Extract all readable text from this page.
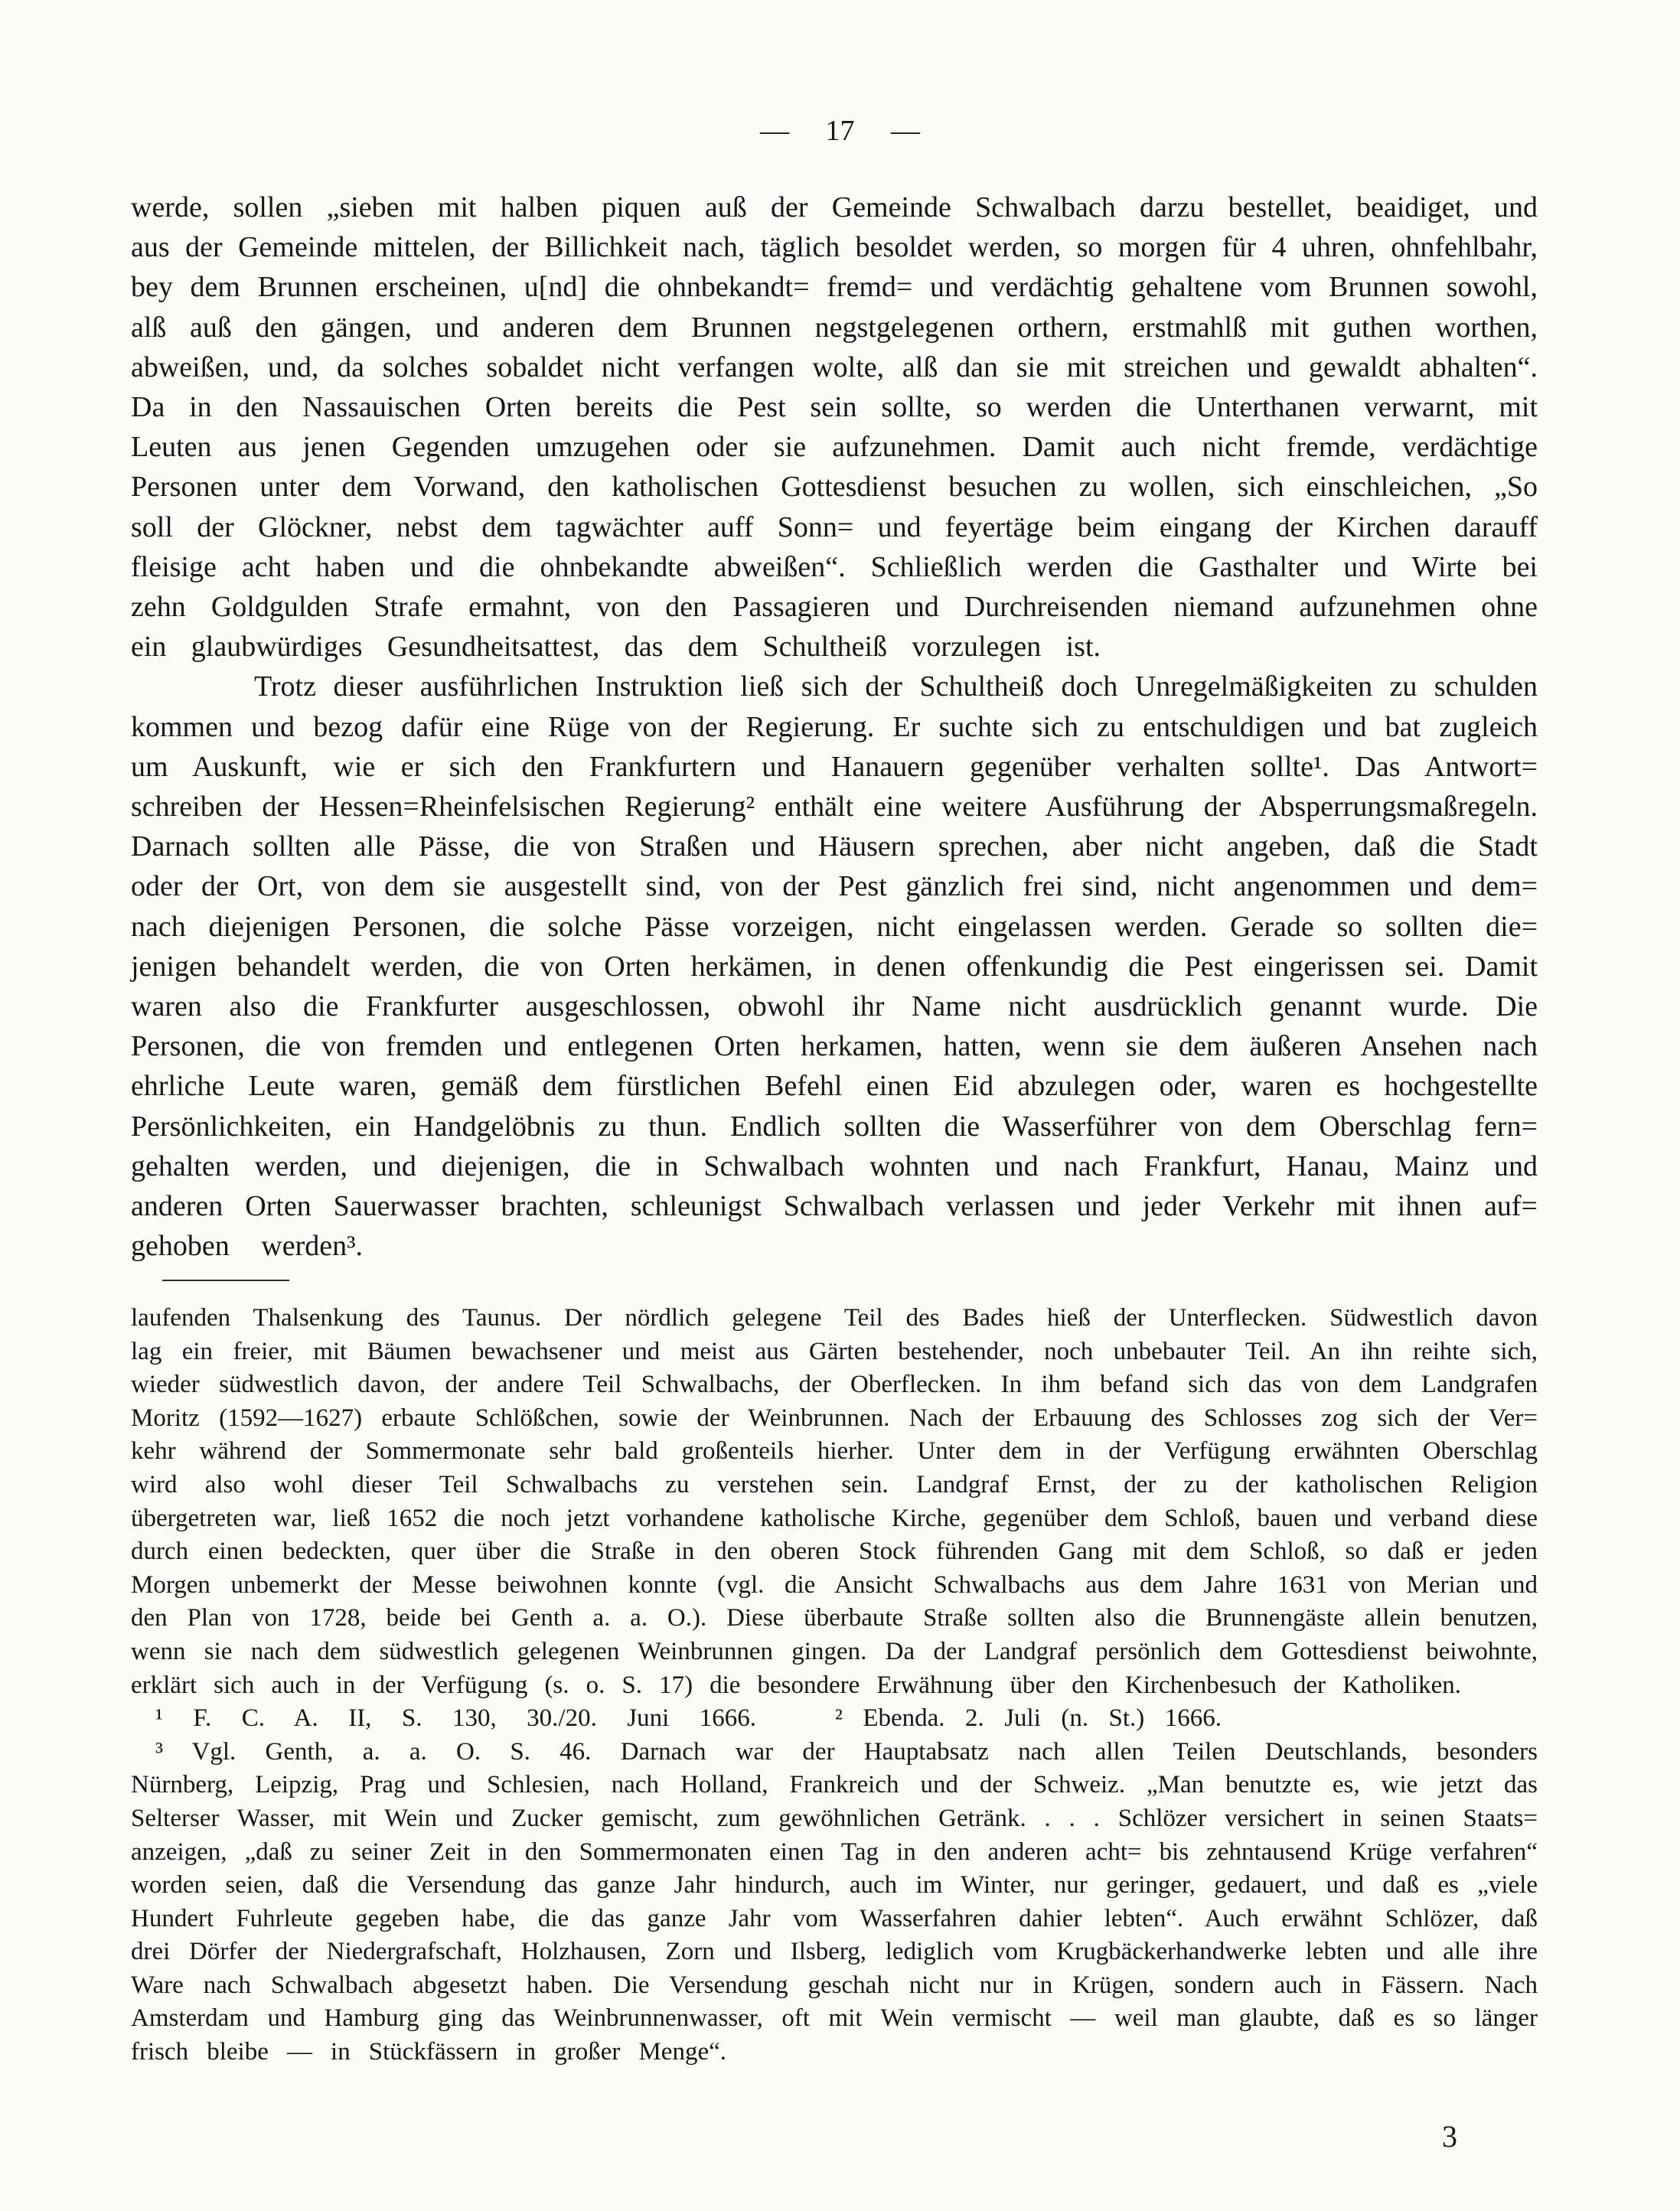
— 17 —
werde, sollen „sieben mit halben piquen auß der Gemeinde Schwalbach darzu bestellet, beaidiget, und
aus der Gemeinde mittelen, der Billichkeit nach, täglich besoldet werden, so morgen für 4 uhren, ohnfehlbahr,
bey dem Brunnen erscheinen, u[nd] die ohnbekandt= fremd= und verdächtig gehaltene vom Brunnen sowohl,
alß auß den gängen, und anderen dem Brunnen negstgelegenen orthern, erstmahlß mit guthen worthen,
abweißen, und, da solches sobaldet nicht verfangen wolte, alß dan sie mit streichen und gewaldt abhalten“.
Da in den Nassauischen Orten bereits die Pest sein sollte, so werden die Unterthanen verwarnt, mit
Leuten aus jenen Gegenden umzugehen oder sie aufzunehmen. Damit auch nicht fremde, verdächtige
Personen unter dem Vorwand, den katholischen Gottesdienst besuchen zu wollen, sich einschleichen, „So
soll der Glöckner, nebst dem tagwächter auff Sonn= und feyertäge beim eingang der Kirchen darauff
fleisige acht haben und die ohnbekandte abweißen“. Schließlich werden die Gasthalter und Wirte bei
zehn Goldgulden Strafe ermahnt, von den Passagieren und Durchreisenden niemand aufzunehmen ohne
ein glaubwürdiges Gesundheitsattest, das dem Schultheiß vorzulegen ist.
Trotz dieser ausführlichen Instruktion ließ sich der Schultheiß doch Unregelmäßigkeiten zu schulden
kommen und bezog dafür eine Rüge von der Regierung. Er suchte sich zu entschuldigen und bat zugleich
um Auskunft, wie er sich den Frankfurtern und Hanauern gegenüber verhalten sollte¹. Das Antwort=
schreiben der Hessen=Rheinfelsischen Regierung² enthält eine weitere Ausführung der Absperrungsmaßregeln.
Darnach sollten alle Pässe, die von Straßen und Häusern sprechen, aber nicht angeben, daß die Stadt
oder der Ort, von dem sie ausgestellt sind, von der Pest gänzlich frei sind, nicht angenommen und dem=
nach diejenigen Personen, die solche Pässe vorzeigen, nicht eingelassen werden. Gerade so sollten die=
jenigen behandelt werden, die von Orten herkämen, in denen offenkundig die Pest eingerissen sei. Damit
waren also die Frankfurter ausgeschlossen, obwohl ihr Name nicht ausdrücklich genannt wurde. Die
Personen, die von fremden und entlegenen Orten herkamen, hatten, wenn sie dem äußeren Ansehen nach
ehrliche Leute waren, gemäß dem fürstlichen Befehl einen Eid abzulegen oder, waren es hochgestellte
Persönlichkeiten, ein Handgelöbnis zu thun. Endlich sollten die Wasserführer von dem Oberschlag fern=
gehalten werden, und diejenigen, die in Schwalbach wohnten und nach Frankfurt, Hanau, Mainz und
anderen Orten Sauerwasser brachten, schleunigst Schwalbach verlassen und jeder Verkehr mit ihnen auf=
gehoben werden³.
laufenden Thalsenkung des Taunus. Der nördlich gelegene Teil des Bades hieß der Unterflecken. Südwestlich davon
lag ein freier, mit Bäumen bewachsener und meist aus Gärten bestehender, noch unbebauter Teil. An ihn reihte sich,
wieder südwestlich davon, der andere Teil Schwalbachs, der Oberflecken. In ihm befand sich das von dem Landgrafen
Moritz (1592—1627) erbaute Schlößchen, sowie der Weinbrunnen. Nach der Erbauung des Schlosses zog sich der Ver=
kehr während der Sommermonate sehr bald großenteils hierher. Unter dem in der Verfügung erwähnten Oberschlag
wird also wohl dieser Teil Schwalbachs zu verstehen sein. Landgraf Ernst, der zu der katholischen Religion
übergetreten war, ließ 1652 die noch jetzt vorhandene katholische Kirche, gegenüber dem Schloß, bauen und verband diese
durch einen bedeckten, quer über die Straße in den oberen Stock führenden Gang mit dem Schloß, so daß er jeden
Morgen unbemerkt der Messe beiwohnen konnte (vgl. die Ansicht Schwalbachs aus dem Jahre 1631 von Merian und
den Plan von 1728, beide bei Genth a. a. O.). Diese überbaute Straße sollten also die Brunnengäste allein benutzen,
wenn sie nach dem südwestlich gelegenen Weinbrunnen gingen. Da der Landgraf persönlich dem Gottesdienst beiwohnte,
erklärt sich auch in der Verfügung (s. o. S. 17) die besondere Erwähnung über den Kirchenbesuch der Katholiken.
¹ F. C. A. II, S. 130, 30./20. Juni 1666.	² Ebenda. 2. Juli (n. St.) 1666.
³ Vgl. Genth, a. a. O. S. 46. Darnach war der Hauptabsatz nach allen Teilen Deutschlands, besonders
Nürnberg, Leipzig, Prag und Schlesien, nach Holland, Frankreich und der Schweiz. „Man benutzte es, wie jetzt das
Selterser Wasser, mit Wein und Zucker gemischt, zum gewöhnlichen Getränk. . . . Schlözer versichert in seinen Staats=
anzeigen, „daß zu seiner Zeit in den Sommermonaten einen Tag in den anderen acht= bis zehntausend Krüge verfahren“
worden seien, daß die Versendung das ganze Jahr hindurch, auch im Winter, nur geringer, gedauert, und daß es „viele
Hundert Fuhrleute gegeben habe, die das ganze Jahr vom Wasserfahren dahier lebten“. Auch erwähnt Schlözer, daß
drei Dörfer der Niedergrafschaft, Holzhausen, Zorn und Ilsberg, lediglich vom Krugbäckerhandwerke lebten und alle ihre
Ware nach Schwalbach abgesetzt haben. Die Versendung geschah nicht nur in Krügen, sondern auch in Fässern. Nach
Amsterdam und Hamburg ging das Weinbrunnenwasser, oft mit Wein vermischt — weil man glaubte, daß es so länger
frisch bleibe — in Stückfässern in großer Menge“.
3
